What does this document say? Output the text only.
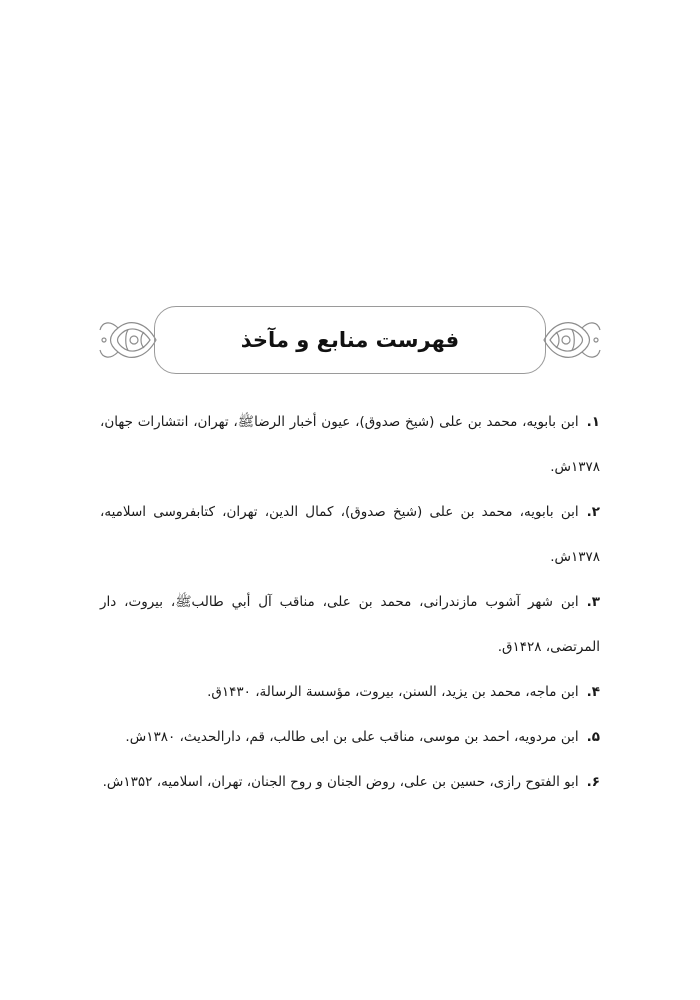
فهرست منابع و مآخذ
۱.ابن بابويه، محمد بن على (شيخ صدوق)، عيون أخبار الرضا‌ﷺ، تهران، انتشارات جهان، ۱۳۷۸ش.
۲.ابن بابويه، محمد بن على (شيخ صدوق)، كمال الدين، تهران، كتابفروسى اسلاميه، ۱۳۷۸ش.
۳.ابن شهر آشوب مازندرانى، محمد بن على، مناقب آل أبي طالب‌ﷺ، بيروت، دار المرتضى، ۱۴۲۸ق.
۴.ابن ماجه، محمد بن يزيد، السنن، بيروت، مؤسسة الرسالة، ۱۴۳۰ق.
۵.ابن مردويه، احمد بن موسى، مناقب على بن ابى طالب، قم، دارالحديث، ۱۳۸۰ش.
۶.ابو الفتوح رازى، حسين بن على، روض الجنان و روح الجنان، تهران، اسلاميه، ۱۳۵۲ش.
